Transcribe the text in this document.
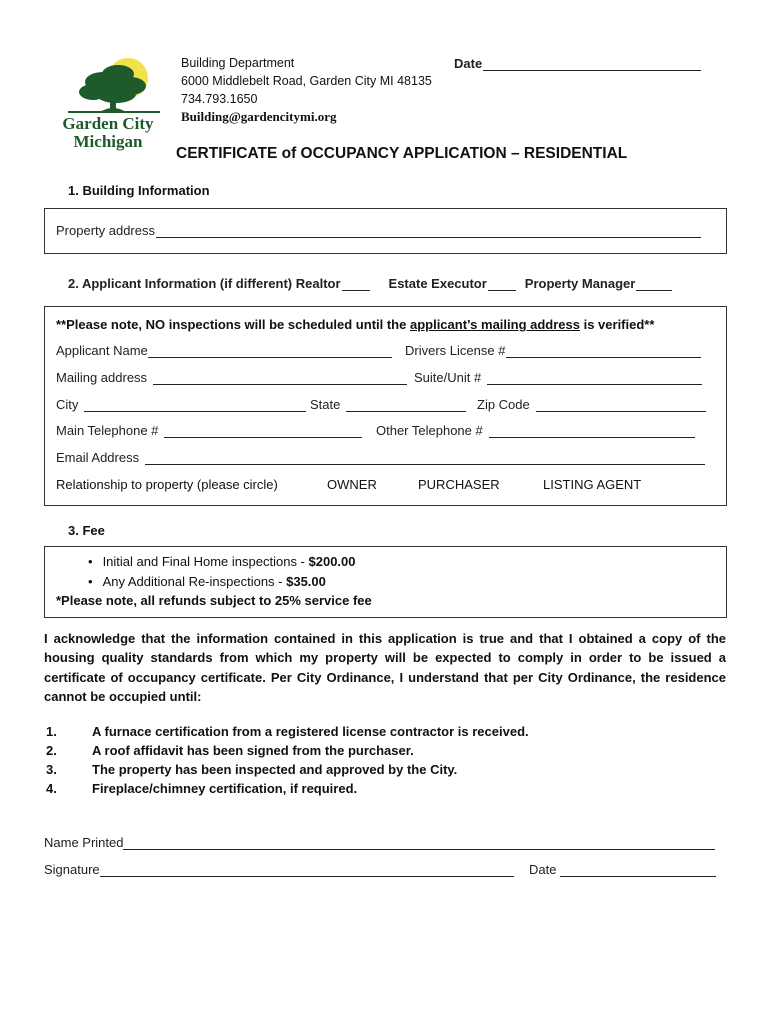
Garden City
Michigan
Building Department
6000 Middlebelt Road, Garden City MI 48135
734.793.1650
Building@gardencitymi.org
Date
CERTIFICATE of OCCUPANCY APPLICATION – RESIDENTIAL
1. Building Information
Property address
2. Applicant Information (if different) Realtor	Estate Executor	Property Manager
**Please note, NO inspections will be scheduled until the applicant’s mailing address is verified**
Applicant Name	Drivers License #
Mailing address	Suite/Unit #
City	State	Zip Code
Main Telephone #	Other Telephone #
Email Address
Relationship to property (please circle)	OWNER	PURCHASER	LISTING AGENT
3. Fee
• Initial and Final Home inspections - $200.00
• Any Additional Re-inspections - $35.00
*Please note, all refunds subject to 25% service fee
I acknowledge that the information contained in this application is true and that I obtained a copy of the housing quality standards from which my property will be expected to comply in order to be issued a certificate of occupancy certificate. Per City Ordinance, I understand that per City Ordinance, the residence cannot be occupied until:
1.	A furnace certification from a registered license contractor is received.
2.	A roof affidavit has been signed from the purchaser.
3.	The property has been inspected and approved by the City.
4.	Fireplace/chimney certification, if required.
Name Printed
Signature	Date
